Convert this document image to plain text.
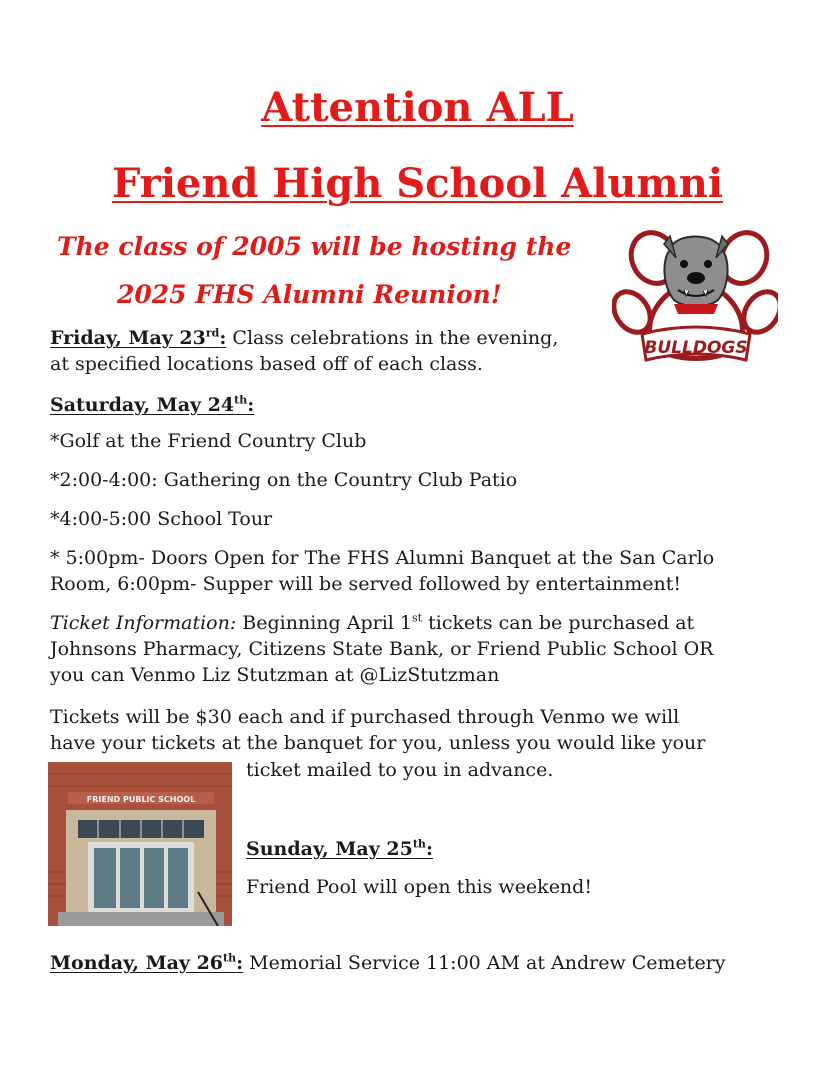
Attention ALL
Friend High School Alumni
The class of 2005 will be hosting the
2025 FHS Alumni Reunion!
BULLDOGS
Friday, May 23rd: Class celebrations in the evening,
at specified locations based off of each class.
Saturday, May 24th:
*Golf at the Friend Country Club
*2:00-4:00: Gathering on the Country Club Patio
*4:00-5:00 School Tour
* 5:00pm- Doors Open for The FHS Alumni Banquet at the San Carlo
Room, 6:00pm- Supper will be served followed by entertainment!
Ticket Information: Beginning April 1st tickets can be purchased at
Johnsons Pharmacy, Citizens State Bank, or Friend Public School OR
you can Venmo Liz Stutzman at @LizStutzman
Tickets will be $30 each and if purchased through Venmo we will
have your tickets at the banquet for you, unless you would like your
ticket mailed to you in advance.
FRIEND PUBLIC SCHOOL
Sunday, May 25th:
Friend Pool will open this weekend!
Monday, May 26th: Memorial Service 11:00 AM at Andrew Cemetery
